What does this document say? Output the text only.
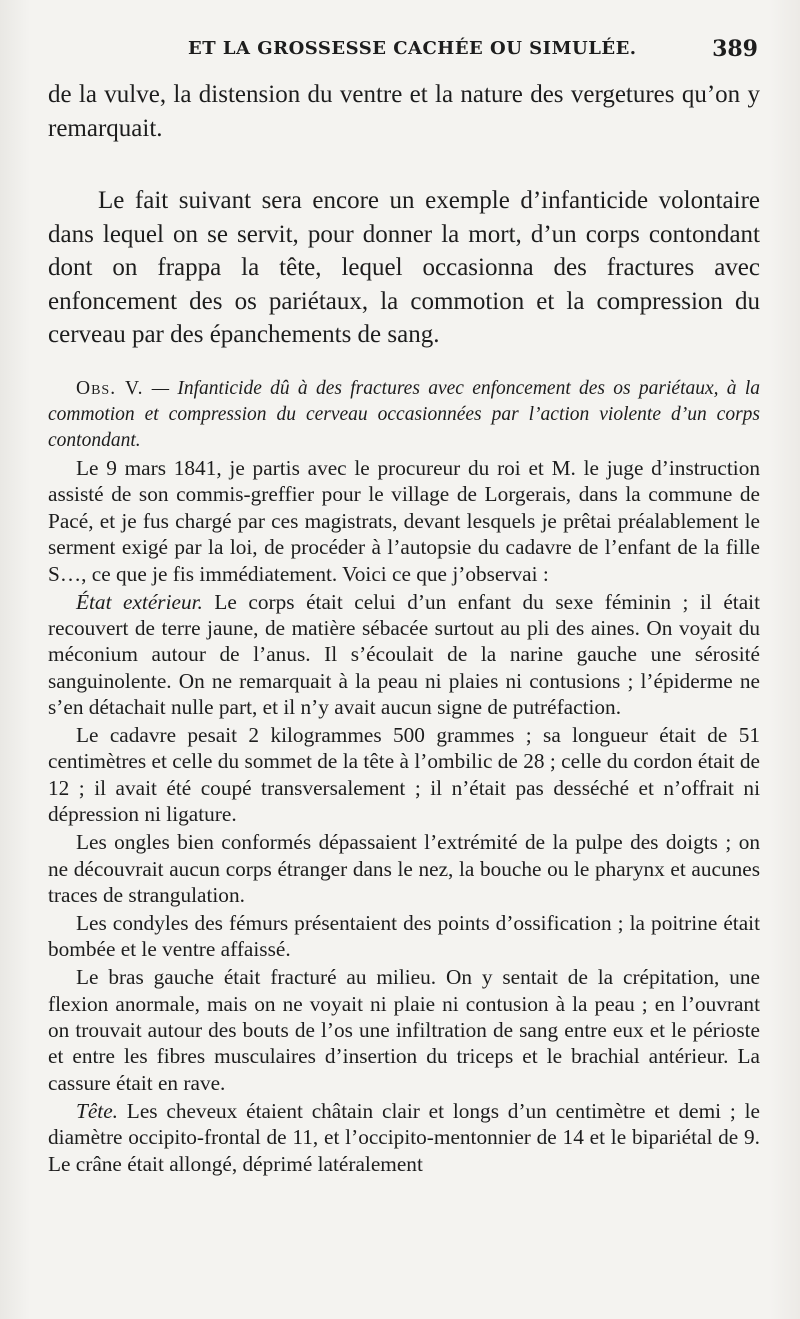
ET LA GROSSESSE CACHÉE OU SIMULÉE.	389

de la vulve, la distension du ventre et la nature des vergetures qu’on y remarquait.

Le fait suivant sera encore un exemple d’infanticide volontaire dans lequel on se servit, pour donner la mort, d’un corps contondant dont on frappa la tête, lequel occasionna des fractures avec enfoncement des os pariétaux, la commotion et la compression du cerveau par des épanchements de sang.

Obs. V. — Infanticide dû à des fractures avec enfoncement des os pariétaux, à la commotion et compression du cerveau occasionnées par l’action violente d’un corps contondant.

Le 9 mars 1841, je partis avec le procureur du roi et M. le juge d’instruction assisté de son commis-greffier pour le village de Lorgerais, dans la commune de Pacé, et je fus chargé par ces magistrats, devant lesquels je prêtai préalablement le serment exigé par la loi, de procéder à l’autopsie du cadavre de l’enfant de la fille S…, ce que je fis immédiatement. Voici ce que j’observai :

État extérieur. Le corps était celui d’un enfant du sexe féminin ; il était recouvert de terre jaune, de matière sébacée surtout au pli des aines. On voyait du méconium autour de l’anus. Il s’écoulait de la narine gauche une sérosité sanguinolente. On ne remarquait à la peau ni plaies ni contusions ; l’épiderme ne s’en détachait nulle part, et il n’y avait aucun signe de putréfaction.

Le cadavre pesait 2 kilogrammes 500 grammes ; sa longueur était de 51 centimètres et celle du sommet de la tête à l’ombilic de 28 ; celle du cordon était de 12 ; il avait été coupé transversalement ; il n’était pas desséché et n’offrait ni dépression ni ligature.

Les ongles bien conformés dépassaient l’extrémité de la pulpe des doigts ; on ne découvrait aucun corps étranger dans le nez, la bouche ou le pharynx et aucunes traces de strangulation.

Les condyles des fémurs présentaient des points d’ossification ; la poitrine était bombée et le ventre affaissé.

Le bras gauche était fracturé au milieu. On y sentait de la crépitation, une flexion anormale, mais on ne voyait ni plaie ni contusion à la peau ; en l’ouvrant on trouvait autour des bouts de l’os une infiltration de sang entre eux et le périoste et entre les fibres musculaires d’insertion du triceps et le brachial antérieur. La cassure était en rave.

Tête. Les cheveux étaient châtain clair et longs d’un centimètre et demi ; le diamètre occipito-frontal de 11, et l’occipito-mentonnier de 14 et le bipariétal de 9. Le crâne était allongé, déprimé latéralement
